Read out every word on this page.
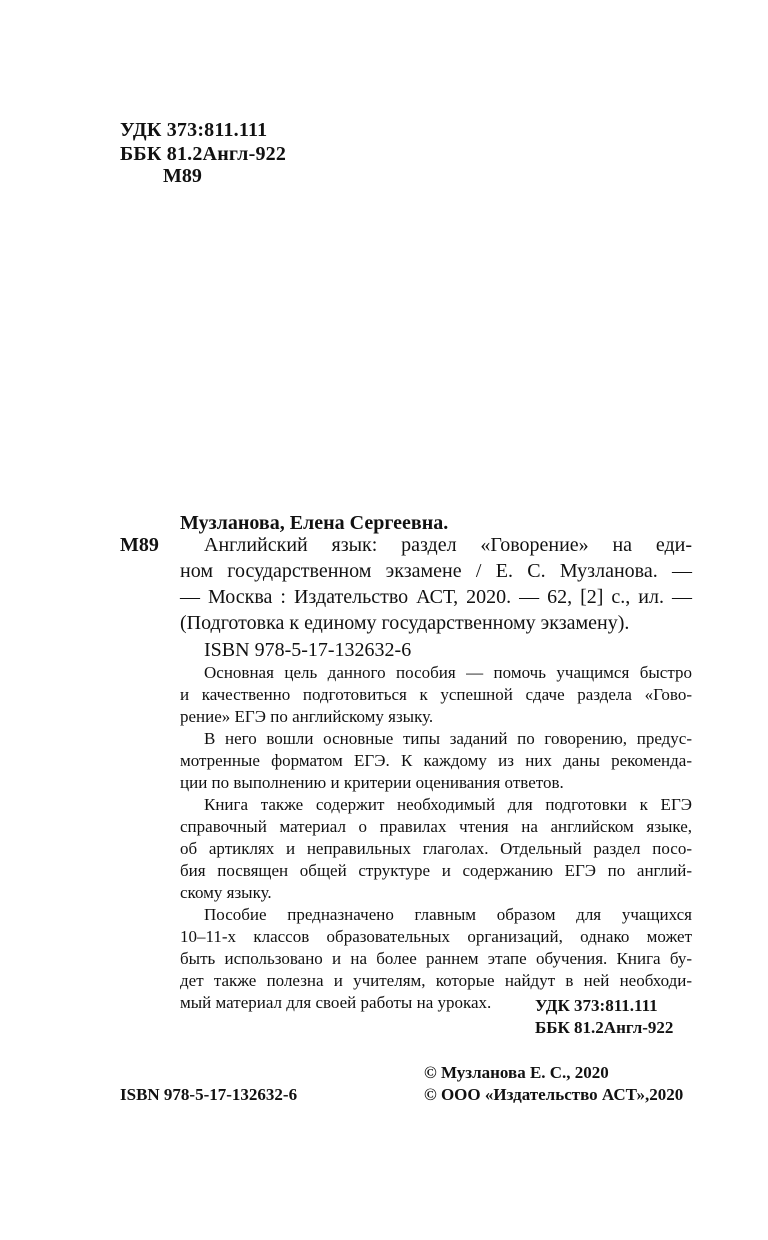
УДК 373:811.111
ББК 81.2Англ-922
М89
Музланова, Елена Сергеевна.
М89	Английский язык: раздел «Говорение» на еди-
ном государственном экзамене / Е. С. Музланова. —
— Москва : Издательство АСТ, 2020. — 62, [2] с., ил. —
(Подготовка к единому государственному экзамену).
ISBN 978-5-17-132632-6

Основная цель данного пособия — помочь учащимся быстро
и качественно подготовиться к успешной сдаче раздела «Гово-
рение» ЕГЭ по английскому языку.

В него вошли основные типы заданий по говорению, предус-
мотренные форматом ЕГЭ. К каждому из них даны рекоменда-
ции по выполнению и критерии оценивания ответов.

Книга также содержит необходимый для подготовки к ЕГЭ
справочный материал о правилах чтения на английском языке,
об артиклях и неправильных глаголах. Отдельный раздел посо-
бия посвящен общей структуре и содержанию ЕГЭ по англий-
скому языку.

Пособие предназначено главным образом для учащихся
10–11-х классов образовательных организаций, однако может
быть использовано и на более раннем этапе обучения. Книга бу-
дет также полезна и учителям, которые найдут в ней необходи-
мый материал для своей работы на уроках.	УДК 373:811.111
ББК 81.2Англ-922
© Музланова Е. С., 2020
ISBN 978-5-17-132632-6	© ООО «Издательство АСТ»,2020
